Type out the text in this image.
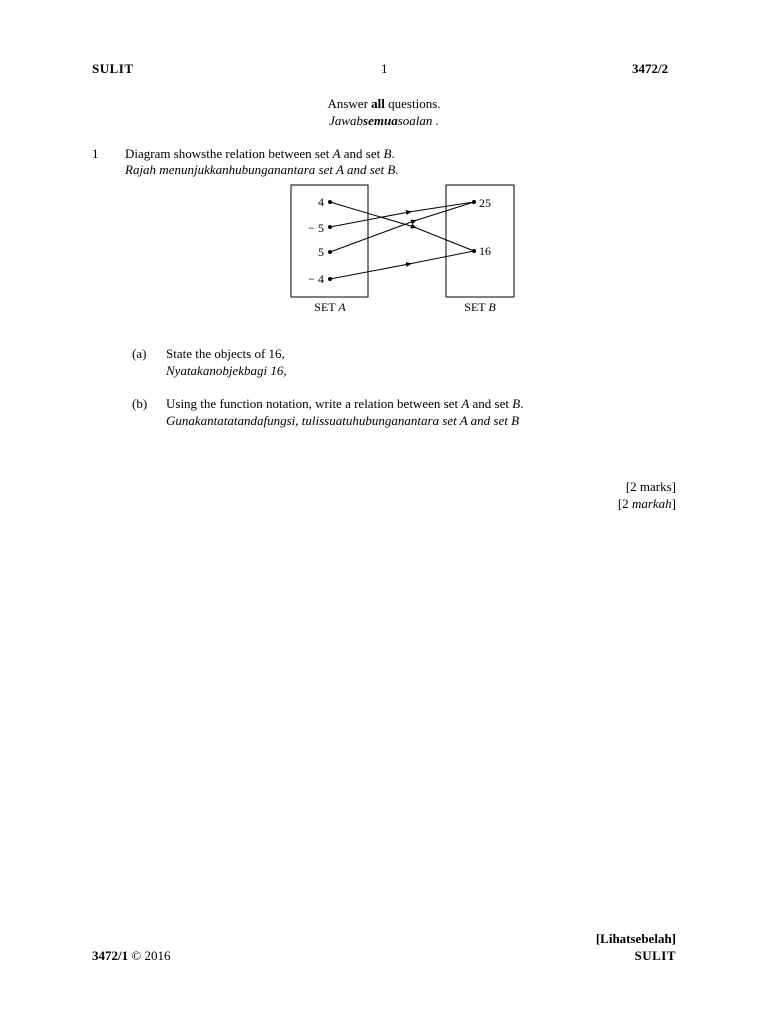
SULIT	1	3472/2
Answer all questions.
Jawabsemuasoalan .
1 Diagram showsthe relation between set A and set B.
Rajah menunjukkanhubunganantara set A and set B.
4
− 5
5
− 4
25
16
SET A	SET B
(a) State the objects of 16,
Nyatakanobjekbagi 16,
(b) Using the function notation, write a relation between set A and set B.
Gunakantatatandafungsi, tulissuatuhubunganantara set A and set B
[2 marks]
[2 markah]
[Lihatsebelah]
3472/1 © 2016	SULIT
